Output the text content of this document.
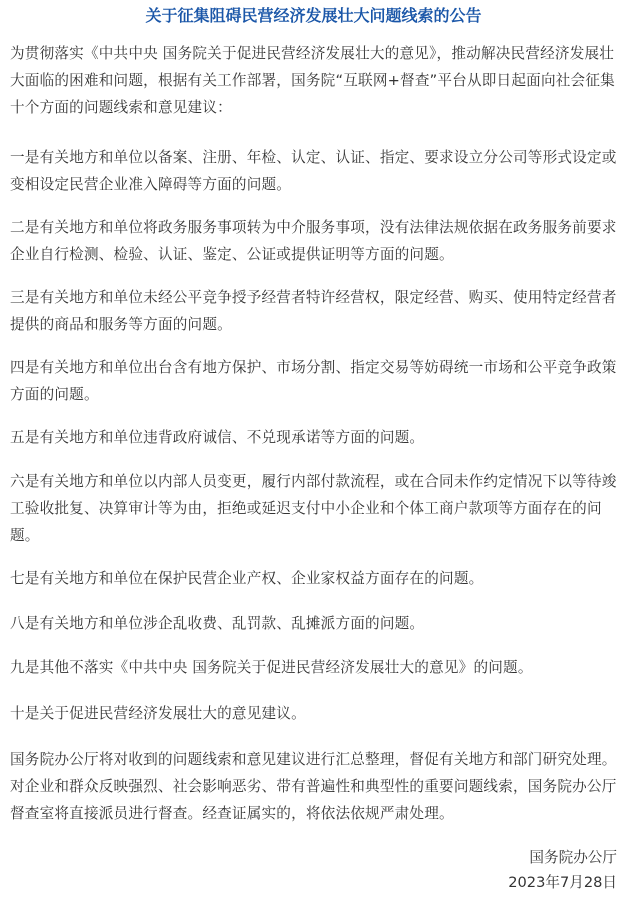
关于征集阻碍民营经济发展壮大问题线索的公告

为贯彻落实《中共中央 国务院关于促进民营经济发展壮大的意见》，推动解决民营经济发展壮大面临的困难和问题，根据有关工作部署，国务院“互联网+督查”平台从即日起面向社会征集十个方面的问题线索和意见建议：

一是有关地方和单位以备案、注册、年检、认定、认证、指定、要求设立分公司等形式设定或变相设定民营企业准入障碍等方面的问题。

二是有关地方和单位将政务服务事项转为中介服务事项，没有法律法规依据在政务服务前要求企业自行检测、检验、认证、鉴定、公证或提供证明等方面的问题。

三是有关地方和单位未经公平竞争授予经营者特许经营权，限定经营、购买、使用特定经营者提供的商品和服务等方面的问题。

四是有关地方和单位出台含有地方保护、市场分割、指定交易等妨碍统一市场和公平竞争政策方面的问题。

五是有关地方和单位违背政府诚信、不兑现承诺等方面的问题。

六是有关地方和单位以内部人员变更，履行内部付款流程，或在合同未作约定情况下以等待竣工验收批复、决算审计等为由，拒绝或延迟支付中小企业和个体工商户款项等方面存在的问题。

七是有关地方和单位在保护民营企业产权、企业家权益方面存在的问题。

八是有关地方和单位涉企乱收费、乱罚款、乱摊派方面的问题。

九是其他不落实《中共中央 国务院关于促进民营经济发展壮大的意见》的问题。

十是关于促进民营经济发展壮大的意见建议。

国务院办公厅将对收到的问题线索和意见建议进行汇总整理，督促有关地方和部门研究处理。对企业和群众反映强烈、社会影响恶劣、带有普遍性和典型性的重要问题线索，国务院办公厅督查室将直接派员进行督查。经查证属实的，将依法依规严肃处理。

国务院办公厅

2023年7月28日
